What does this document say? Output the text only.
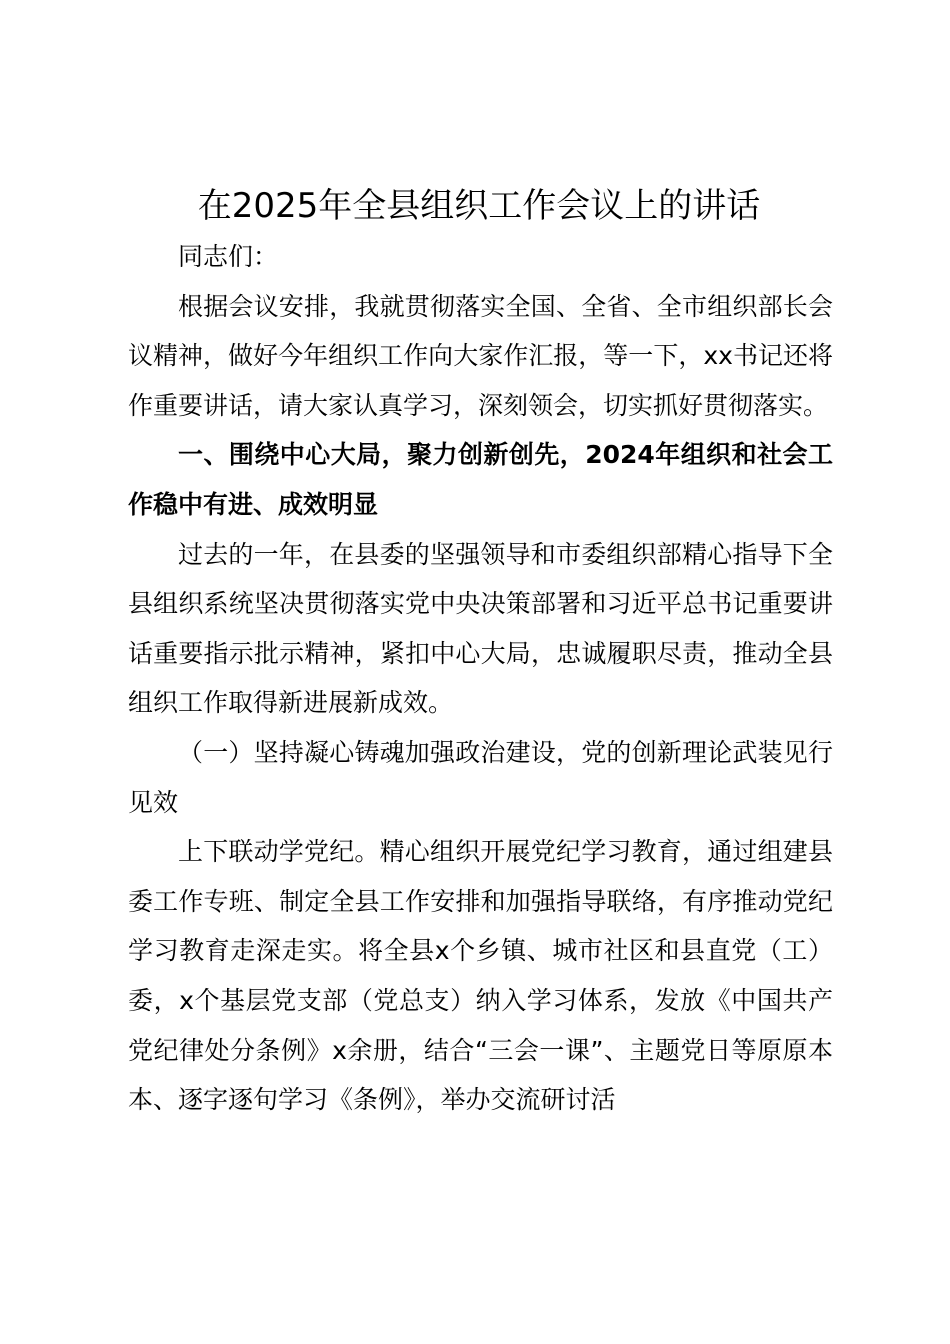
在2025年全县组织工作会议上的讲话

同志们：

根据会议安排，我就贯彻落实全国、全省、全市组织部长会议精神，做好今年组织工作向大家作汇报，等一下，xx书记还将作重要讲话，请大家认真学习，深刻领会，切实抓好贯彻落实。

一、围绕中心大局，聚力创新创先，2024年组织和社会工作稳中有进、成效明显

过去的一年，在县委的坚强领导和市委组织部精心指导下全县组织系统坚决贯彻落实党中央决策部署和习近平总书记重要讲话重要指示批示精神，紧扣中心大局，忠诚履职尽责，推动全县组织工作取得新进展新成效。

（一）坚持凝心铸魂加强政治建设，党的创新理论武装见行见效

上下联动学党纪。精心组织开展党纪学习教育，通过组建县委工作专班、制定全县工作安排和加强指导联络，有序推动党纪学习教育走深走实。将全县x个乡镇、城市社区和县直党（工）委，x个基层党支部（党总支）纳入学习体系，发放《中国共产党纪律处分条例》x余册，结合“三会一课”、主题党日等原原本本、逐字逐句学习《条例》，举办交流研讨活
